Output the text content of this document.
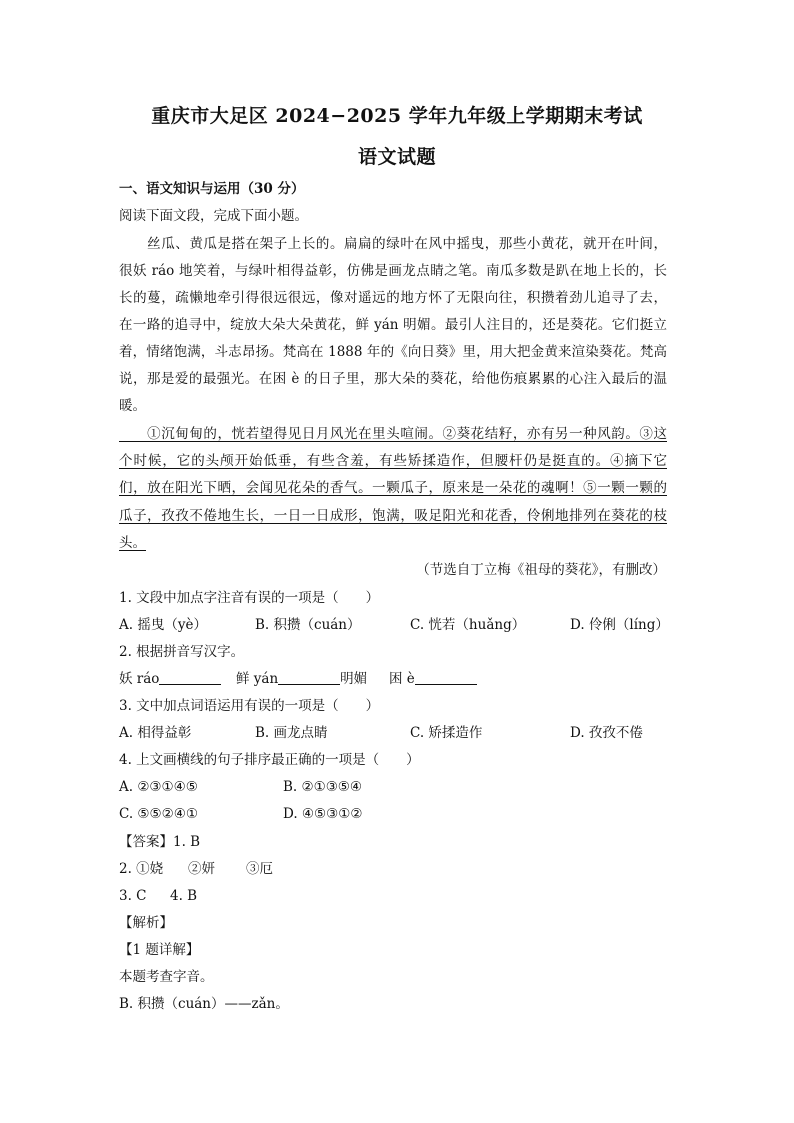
重庆市大足区 2024−2025 学年九年级上学期期末考试
语文试题
一、语文知识与运用（30 分）
阅读下面文段，完成下面小题。
　　丝瓜、黄瓜是搭在架子上长的。扁扁的绿叶在风中摇曳，那些小黄花，就开在叶间，
很妖 ráo 地笑着，与绿叶相得益彰，仿佛是画龙点睛之笔。南瓜多数是趴在地上长的，长
长的蔓，疏懒地牵引得很远很远，像对遥远的地方怀了无限向往，积攒着劲儿追寻了去，
在一路的追寻中，绽放大朵大朵黄花，鲜 yán 明媚。最引人注目的，还是葵花。它们挺立
着，情绪饱满，斗志昂扬。梵高在 1888 年的《向日葵》里，用大把金黄来渲染葵花。梵高
说，那是爱的最强光。在困 è 的日子里，那大朵的葵花，给他伤痕累累的心注入最后的温
暖。
　　①沉甸甸的，恍若望得见日月风光在里头喧闹。②葵花结籽，亦有另一种风韵。③这
个时候，它的头颅开始低垂，有些含羞，有些矫揉造作，但腰杆仍是挺直的。④摘下它
们，放在阳光下晒，会闻见花朵的香气。一颗瓜子，原来是一朵花的魂啊！⑤一颗一颗的
瓜子，孜孜不倦地生长，一日一日成形，饱满，吸足阳光和花香，伶俐地排列在葵花的枝
头。
（节选自丁立梅《祖母的葵花》，有删改）
1. 文段中加点字注音有误的一项是（　　）
A. 摇曳（yè）	B. 积攒（cuán）	C. 恍若（huǎng）	D. 伶俐（líng）
2. 根据拼音写汉字。
妖 ráo	鲜 yán	明媚 困 è
3. 文中加点词语运用有误的一项是（　　）
A. 相得益彰	B. 画龙点睛	C. 矫揉造作	D. 孜孜不倦
4. 上文画横线的句子排序最正确的一项是（　　）
A. ②③①④⑤	B. ②①③⑤④
C. ⑤⑤②④①	D. ④⑤③①②
【答案】1. B
2. ①娆 ②妍 ③厄
3. C 4. B
【解析】
【1 题详解】
本题考查字音。
B. 积攒（cuán）——zǎn。
